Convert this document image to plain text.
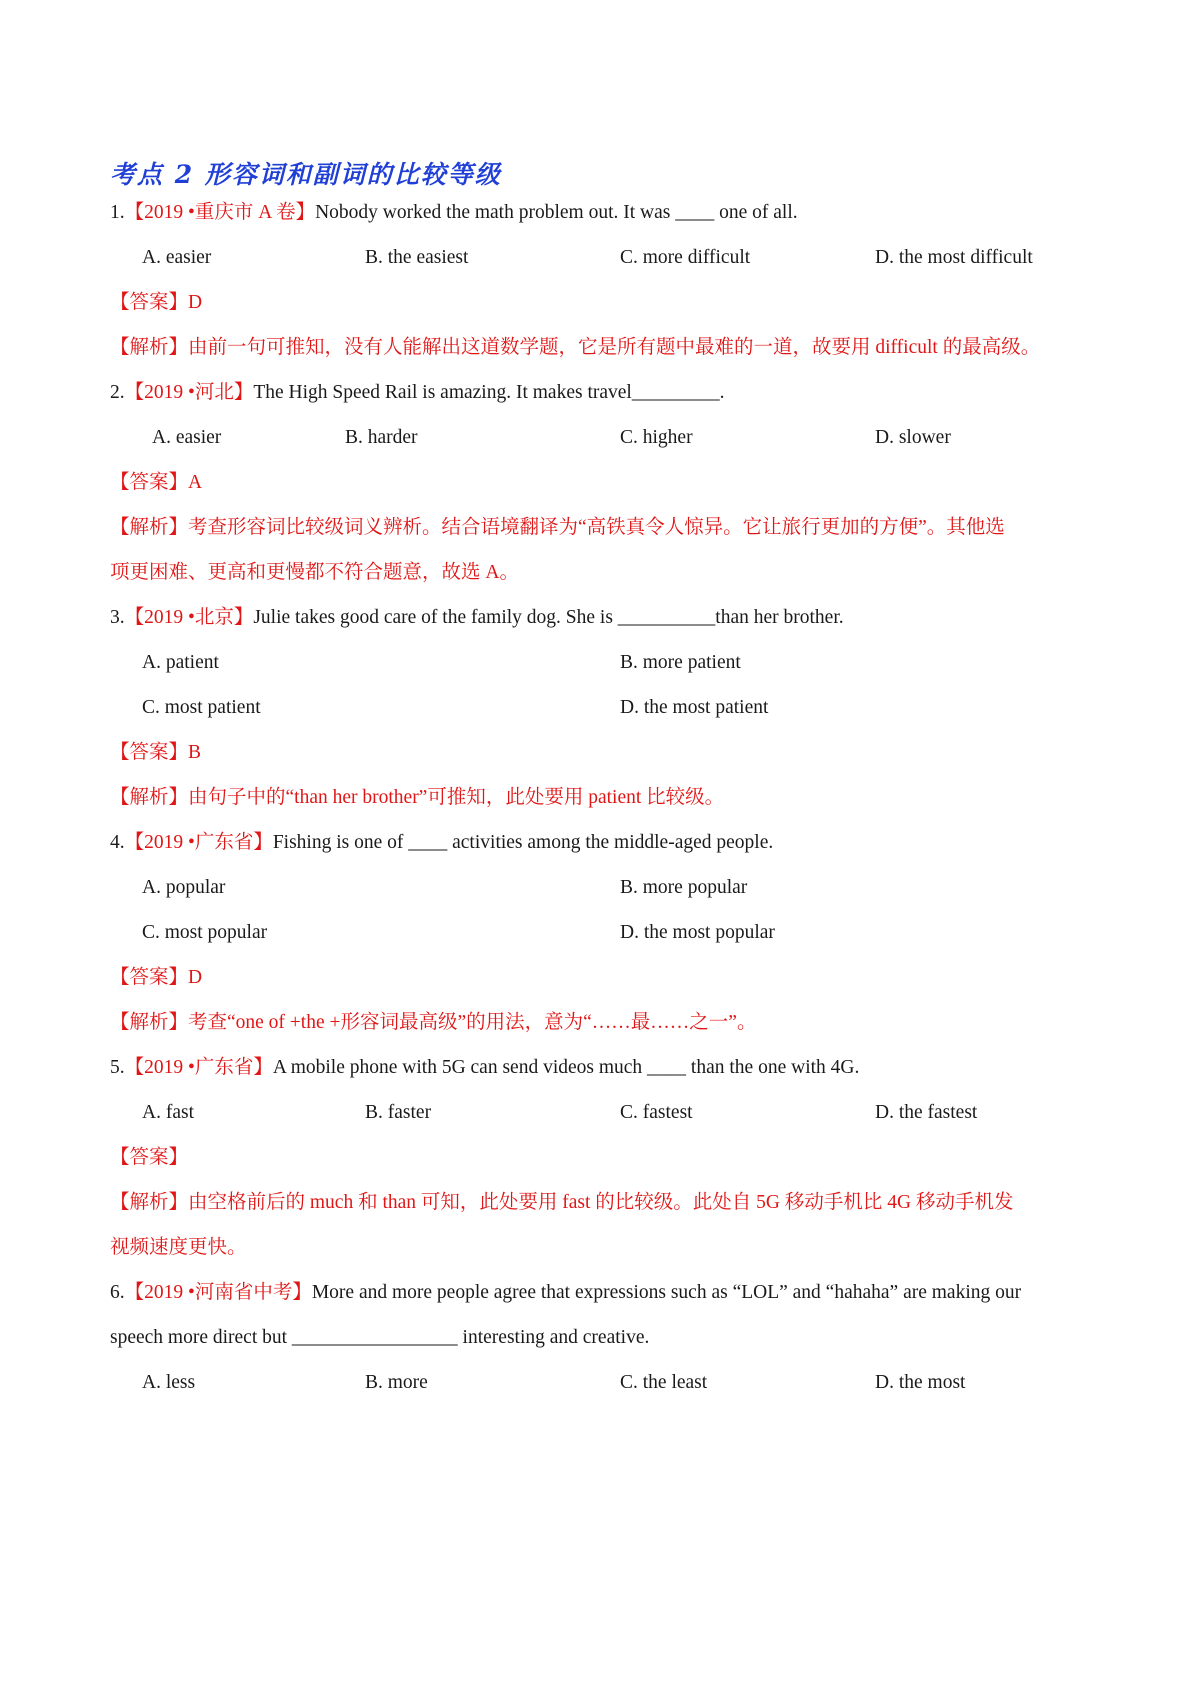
考点 2 形容词和副词的比较等级
1.【2019 •重庆市 A 卷】Nobody worked the math problem out. It was ____ one of all.
A. easier	B. the easiest	C. more difficult	D. the most difficult
【答案】D
【解析】由前一句可推知，没有人能解出这道数学题，它是所有题中最难的一道，故要用 difficult 的最高级。
2.【2019 •河北】The High Speed Rail is amazing. It makes travel_________.
A. easier	B. harder	C. higher	D. slower
【答案】A
【解析】考查形容词比较级词义辨析。结合语境翻译为“高铁真令人惊异。它让旅行更加的方便”。其他选
项更困难、更高和更慢都不符合题意，故选 A。
3.【2019 •北京】Julie takes good care of the family dog. She is __________than her brother.
A. patient	B. more patient
C. most patient	D. the most patient
【答案】B
【解析】由句子中的“than her brother”可推知，此处要用 patient 比较级。
4.【2019 •广东省】Fishing is one of ____ activities among the middle-aged people.
A. popular	B. more popular
C. most popular	D. the most popular
【答案】D
【解析】考查“one of +the +形容词最高级”的用法，意为“……最……之一”。
5.【2019 •广东省】A mobile phone with 5G can send videos much ____ than the one with 4G.
A. fast	B. faster	C. fastest	D. the fastest
【答案】
【解析】由空格前后的 much 和 than 可知，此处要用 fast 的比较级。此处自 5G 移动手机比 4G 移动手机发
视频速度更快。
6.【2019 •河南省中考】More and more people agree that expressions such as “LOL” and “hahaha” are making our
speech more direct but _________________ interesting and creative.
A. less	B. more	C. the least	D. the most
